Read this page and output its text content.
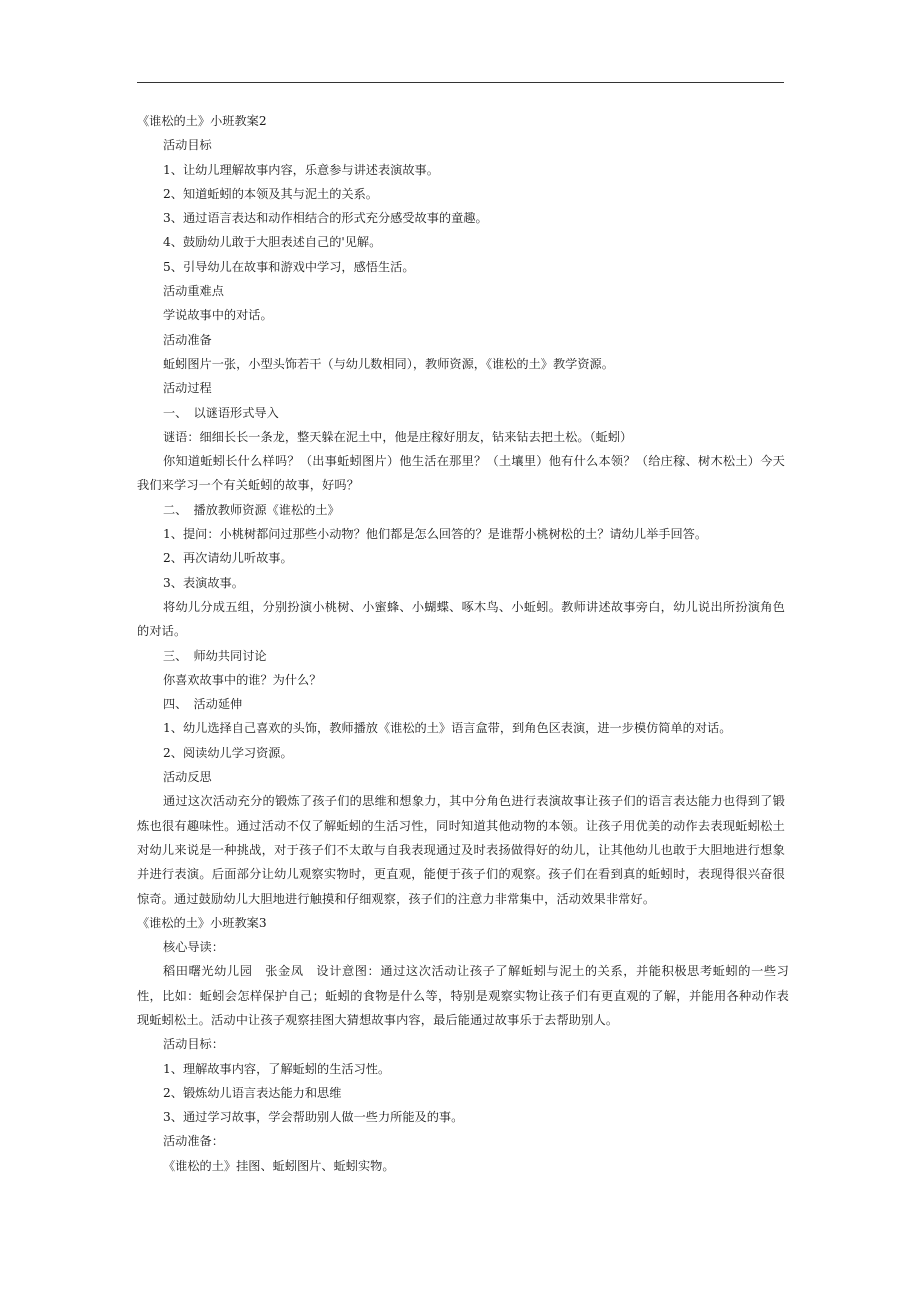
《谁松的土》小班教案2

活动目标

1、让幼儿理解故事内容，乐意参与讲述表演故事。

2、知道蚯蚓的本领及其与泥土的关系。

3、通过语言表达和动作相结合的形式充分感受故事的童趣。

4、鼓励幼儿敢于大胆表述自己的'见解。

5、引导幼儿在故事和游戏中学习，感悟生活。

活动重难点

学说故事中的对话。

活动准备

蚯蚓图片一张，小型头饰若干（与幼儿数相同），教师资源，《谁松的土》教学资源。

活动过程

一、　以谜语形式导入

谜语：细细长长一条龙，整天躲在泥土中，他是庄稼好朋友，钻来钻去把土松。（蚯蚓）

你知道蚯蚓长什么样吗？（出事蚯蚓图片）他生活在那里？（土壤里）他有什么本领？（给庄稼、树木松土）今天我们来学习一个有关蚯蚓的故事，好吗？

二、　播放教师资源《谁松的土》

1、提问：小桃树都问过那些小动物？他们都是怎么回答的？是谁帮小桃树松的土？请幼儿举手回答。

2、再次请幼儿听故事。

3、表演故事。

将幼儿分成五组，分别扮演小桃树、小蜜蜂、小蝴蝶、啄木鸟、小蚯蚓。教师讲述故事旁白，幼儿说出所扮演角色的对话。

三、　师幼共同讨论

你喜欢故事中的谁？为什么？

四、　活动延伸

1、幼儿选择自己喜欢的头饰，教师播放《谁松的土》语言盒带，到角色区表演，进一步模仿简单的对话。

2、阅读幼儿学习资源。

活动反思

通过这次活动充分的锻炼了孩子们的思维和想象力，其中分角色进行表演故事让孩子们的语言表达能力也得到了锻炼也很有趣味性。通过活动不仅了解蚯蚓的生活习性，同时知道其他动物的本领。让孩子用优美的动作去表现蚯蚓松土对幼儿来说是一种挑战，对于孩子们不太敢与自我表现通过及时表扬做得好的幼儿，让其他幼儿也敢于大胆地进行想象并进行表演。后面部分让幼儿观察实物时，更直观，能便于孩子们的观察。孩子们在看到真的蚯蚓时，表现得很兴奋很惊奇。通过鼓励幼儿大胆地进行触摸和仔细观察，孩子们的注意力非常集中，活动效果非常好。

《谁松的土》小班教案3

核心导读：

稻田曙光幼儿园　张金凤　设计意图：通过这次活动让孩子了解蚯蚓与泥土的关系，并能积极思考蚯蚓的一些习性，比如：蚯蚓会怎样保护自己；蚯蚓的食物是什么等，特别是观察实物让孩子们有更直观的了解，并能用各种动作表现蚯蚓松土。活动中让孩子观察挂图大猜想故事内容，最后能通过故事乐于去帮助别人。

活动目标：

1、理解故事内容，了解蚯蚓的生活习性。

2、锻炼幼儿语言表达能力和思维

3、通过学习故事，学会帮助别人做一些力所能及的事。

活动准备：

《谁松的土》挂图、蚯蚓图片、蚯蚓实物。
